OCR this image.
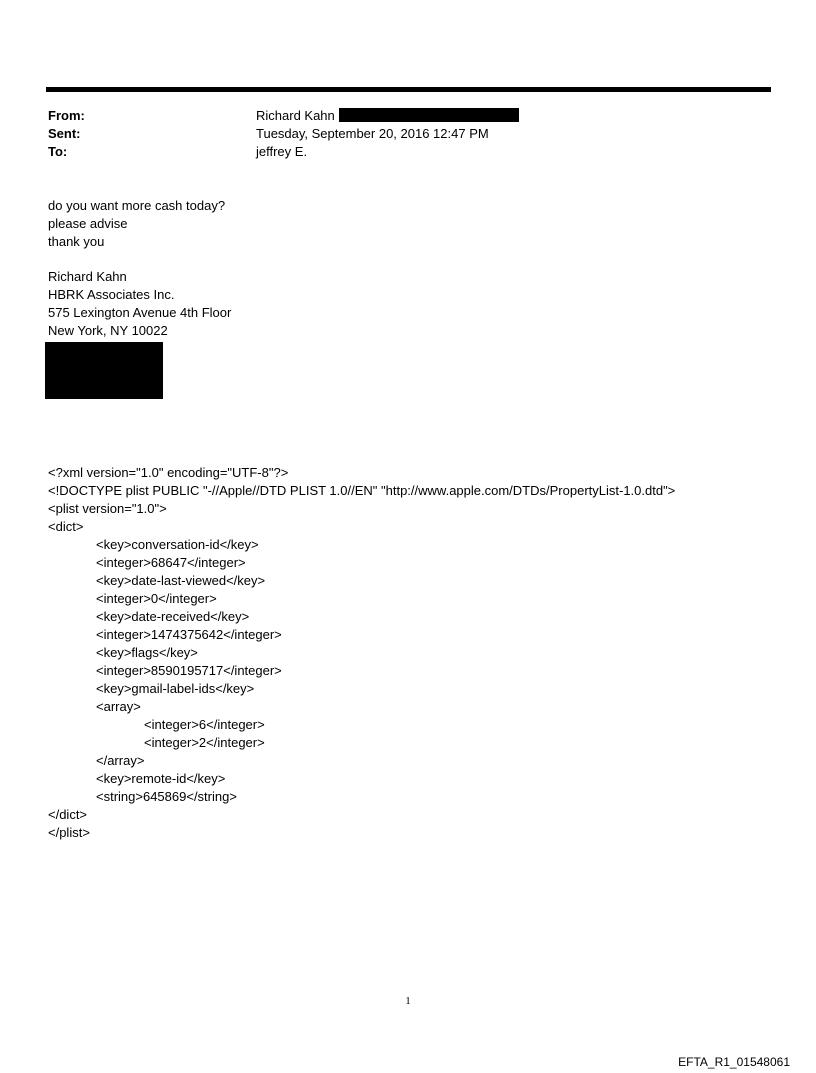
From:	Richard Kahn
Sent:	Tuesday, September 20, 2016 12:47 PM
To:	jeffrey E.
do you want more cash today?
please advise
thank you
Richard Kahn
HBRK Associates Inc.
575 Lexington Avenue 4th Floor
New York, NY 10022
<?xml version="1.0" encoding="UTF-8"?>
<!DOCTYPE plist PUBLIC "-//Apple//DTD PLIST 1.0//EN" "http://www.apple.com/DTDs/PropertyList-1.0.dtd">
<plist version="1.0">
<dict>
<key>conversation-id</key>
<integer>68647</integer>
<key>date-last-viewed</key>
<integer>0</integer>
<key>date-received</key>
<integer>1474375642</integer>
<key>flags</key>
<integer>8590195717</integer>
<key>gmail-label-ids</key>
<array>
<integer>6</integer>
<integer>2</integer>
</array>
<key>remote-id</key>
<string>645869</string>
</dict>
</plist>
1
EFTA_R1_01548061
